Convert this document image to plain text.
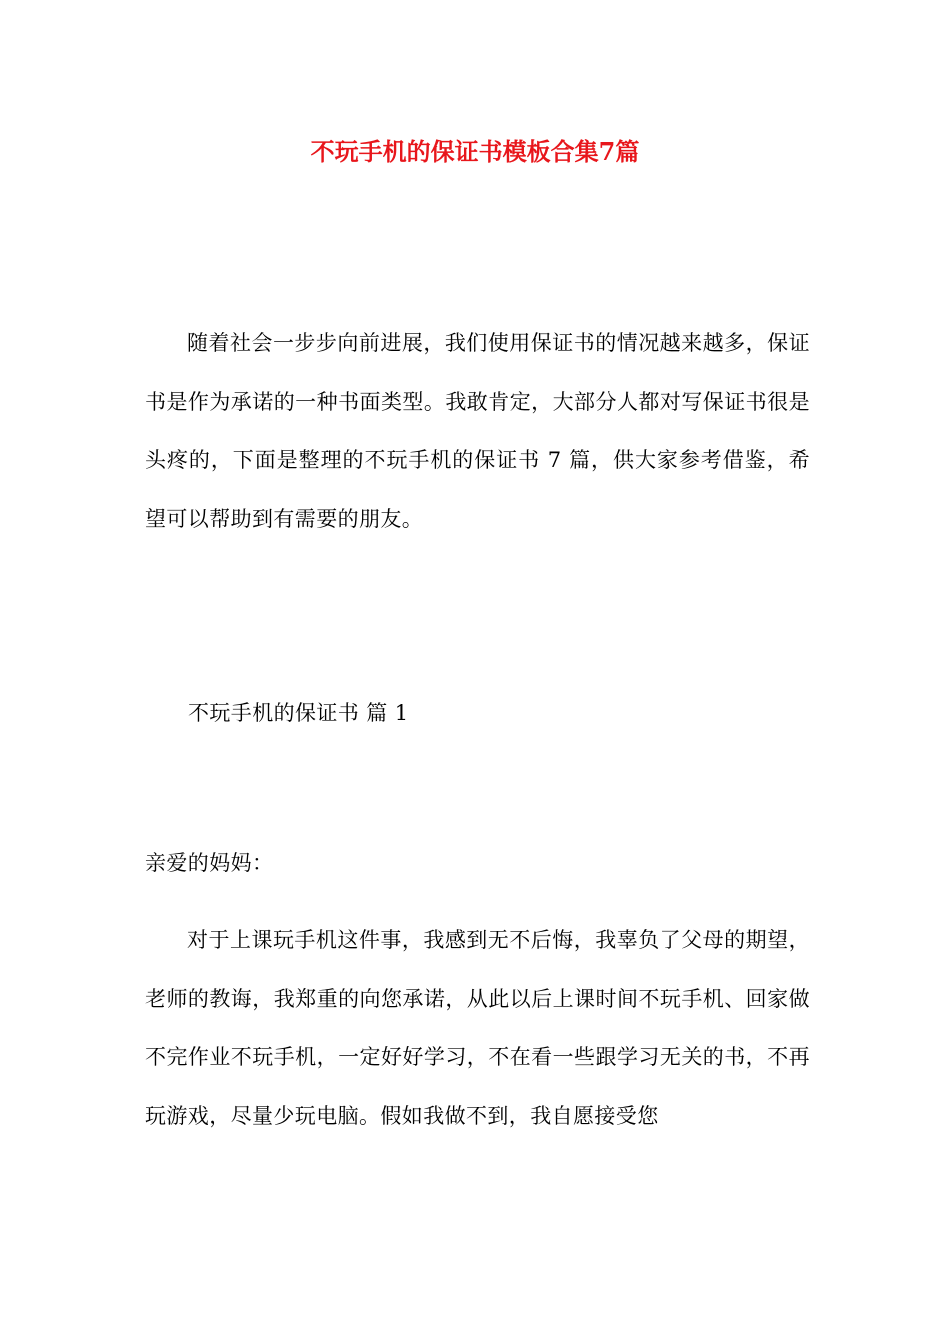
不玩手机的保证书模板合集7篇

随着社会一步步向前进展，我们使用保证书的情况越来越多，保证书是作为承诺的一种书面类型。我敢肯定，大部分人都对写保证书很是头疼的，下面是整理的不玩手机的保证书 7 篇，供大家参考借鉴，希望可以帮助到有需要的朋友。

不玩手机的保证书 篇 1
亲爱的妈妈：

对于上课玩手机这件事，我感到无不后悔，我辜负了父母的期望，老师的教诲，我郑重的向您承诺，从此以后上课时间不玩手机、回家做不完作业不玩手机，一定好好学习，不在看一些跟学习无关的书，不再玩游戏，尽量少玩电脑。假如我做不到，我自愿接受您
